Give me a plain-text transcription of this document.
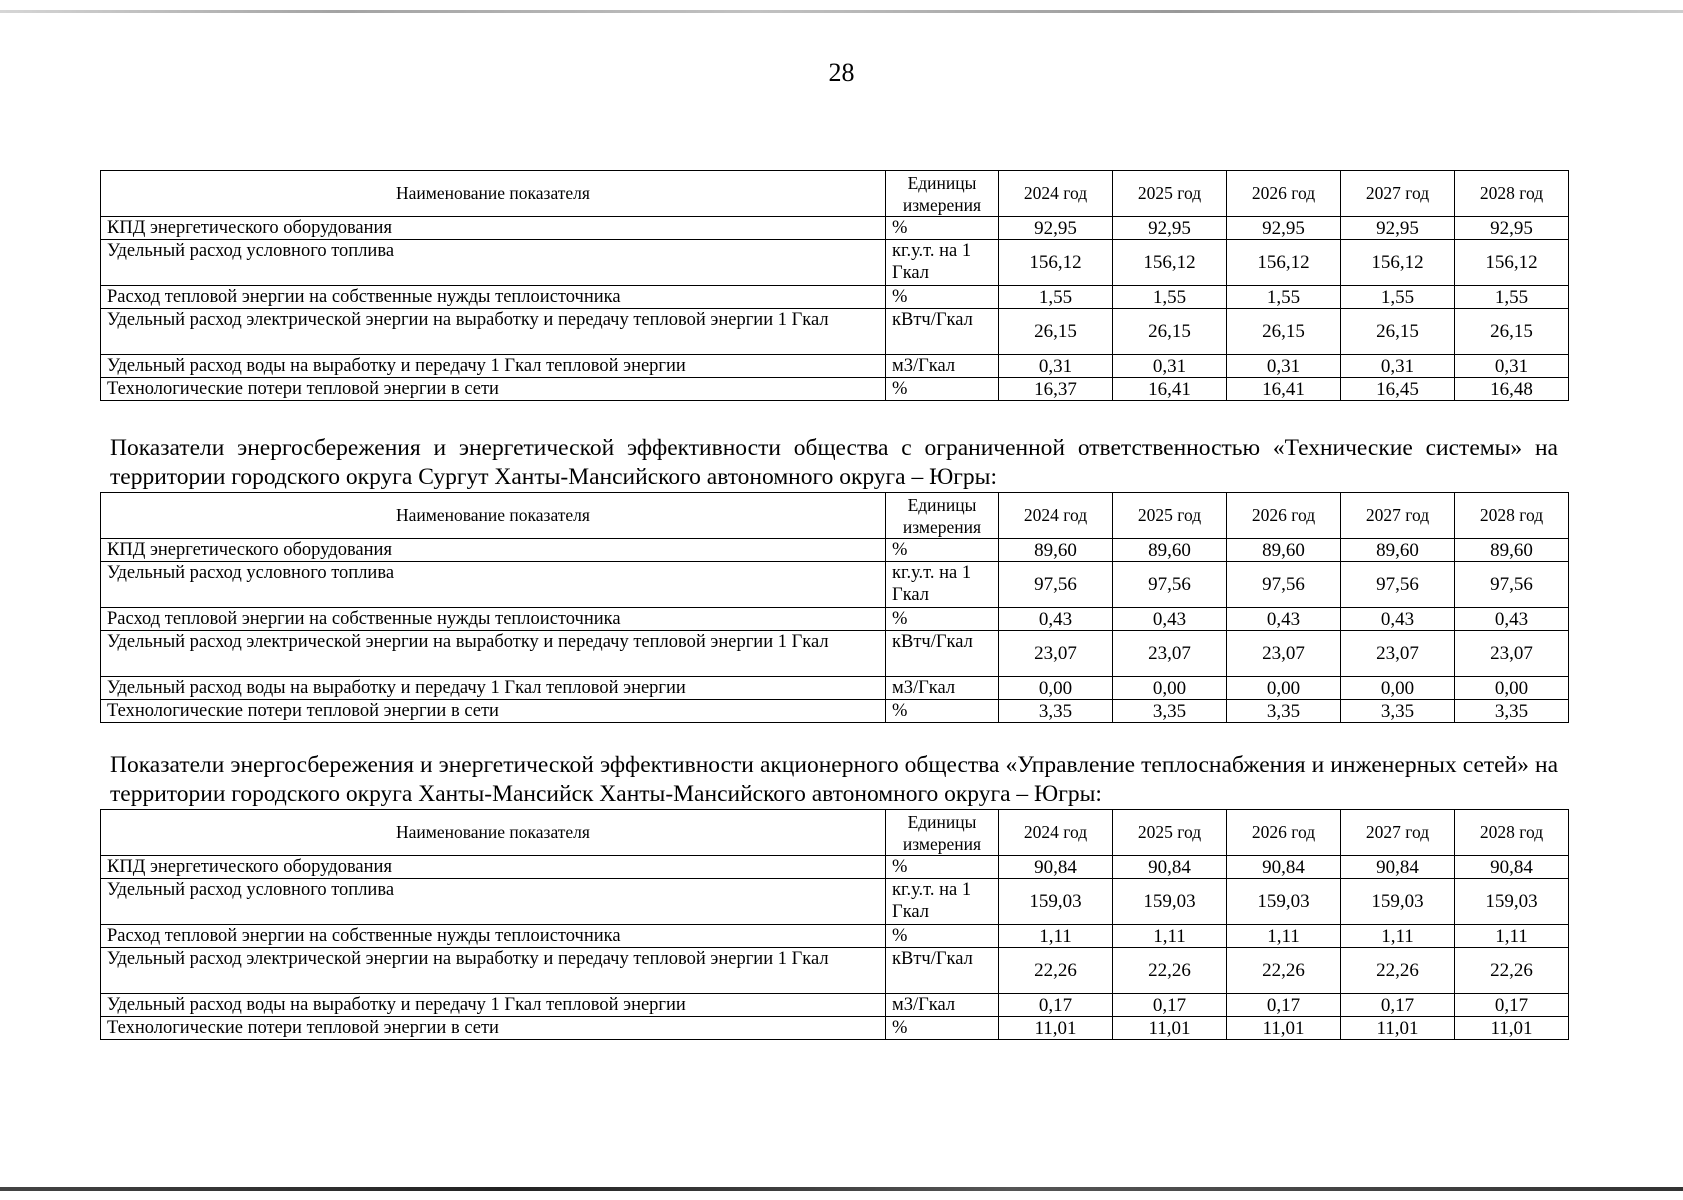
28
Наименование показателя	Единицы измерения	2024 год	2025 год	2026 год	2027 год	2028 год
КПД энергетического оборудования	%	92,95	92,95	92,95	92,95	92,95
Удельный расход условного топлива	кг.у.т. на 1 Гкал	156,12	156,12	156,12	156,12	156,12
Расход тепловой энергии на собственные нужды теплоисточника	%	1,55	1,55	1,55	1,55	1,55
Удельный расход электрической энергии на выработку и передачу тепловой энергии 1 Гкал	кВтч/Гкал	26,15	26,15	26,15	26,15	26,15
Удельный расход воды на выработку и передачу 1 Гкал тепловой энергии	м3/Гкал	0,31	0,31	0,31	0,31	0,31
Технологические потери тепловой энергии в сети	%	16,37	16,41	16,41	16,45	16,48

Показатели энергосбережения и энергетической эффективности общества с ограниченной ответственностью «Технические системы» на территории городского округа Сургут Ханты-Мансийского автономного округа – Югры:

Наименование показателя	Единицы измерения	2024 год	2025 год	2026 год	2027 год	2028 год
КПД энергетического оборудования	%	89,60	89,60	89,60	89,60	89,60
Удельный расход условного топлива	кг.у.т. на 1 Гкал	97,56	97,56	97,56	97,56	97,56
Расход тепловой энергии на собственные нужды теплоисточника	%	0,43	0,43	0,43	0,43	0,43
Удельный расход электрической энергии на выработку и передачу тепловой энергии 1 Гкал	кВтч/Гкал	23,07	23,07	23,07	23,07	23,07
Удельный расход воды на выработку и передачу 1 Гкал тепловой энергии	м3/Гкал	0,00	0,00	0,00	0,00	0,00
Технологические потери тепловой энергии в сети	%	3,35	3,35	3,35	3,35	3,35

Показатели энергосбережения и энергетической эффективности акционерного общества «Управление теплоснабжения и инженерных сетей» на территории городского округа Ханты-Мансийск Ханты-Мансийского автономного округа – Югры:

Наименование показателя	Единицы измерения	2024 год	2025 год	2026 год	2027 год	2028 год
КПД энергетического оборудования	%	90,84	90,84	90,84	90,84	90,84
Удельный расход условного топлива	кг.у.т. на 1 Гкал	159,03	159,03	159,03	159,03	159,03
Расход тепловой энергии на собственные нужды теплоисточника	%	1,11	1,11	1,11	1,11	1,11
Удельный расход электрической энергии на выработку и передачу тепловой энергии 1 Гкал	кВтч/Гкал	22,26	22,26	22,26	22,26	22,26
Удельный расход воды на выработку и передачу 1 Гкал тепловой энергии	м3/Гкал	0,17	0,17	0,17	0,17	0,17
Технологические потери тепловой энергии в сети	%	11,01	11,01	11,01	11,01	11,01
